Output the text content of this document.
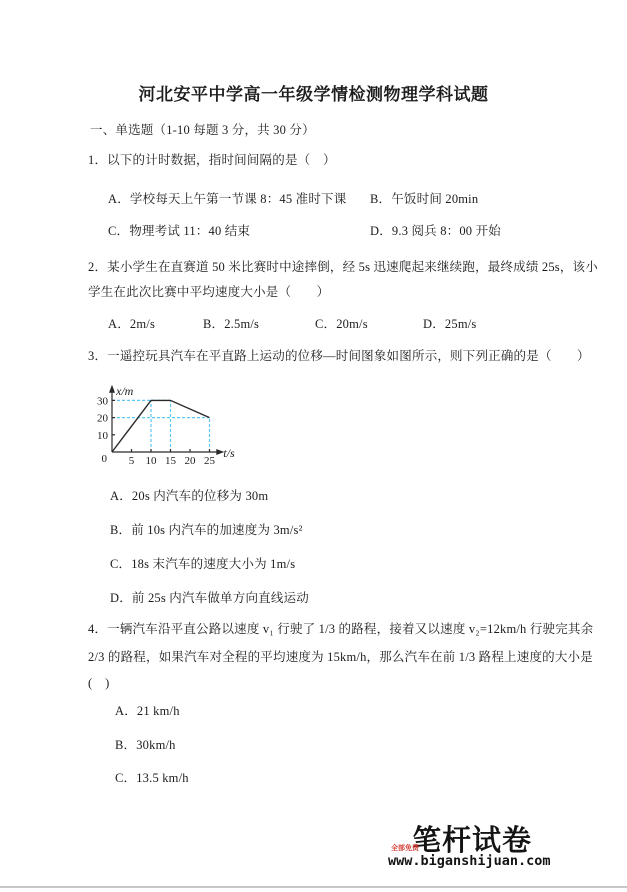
河北安平中学高一年级学情检测物理学科试题
一、单选题（1-10 每题 3 分，共 30 分）
1．以下的计时数据，指时间间隔的是（　）
A．学校每天上午第一节课 8：45 准时下课 B．午饭时间 20min
C．物理考试 11：40 结束	D．9.3 阅兵 8：00 开始
2．某小学生在直赛道 50 米比赛时中途摔倒，经 5s 迅速爬起来继续跑，最终成绩 25s，该小
学生在此次比赛中平均速度大小是（　　）
A．2m/s	B．2.5m/s	C．20m/s	D．25m/s
3．一遥控玩具汽车在平直路上运动的位移—时间图象如图所示，则下列正确的是（　　）
5 10 15 20 25
10
20
30
0
x/m
t/s
A．20s 内汽车的位移为 30m
B．前 10s 内汽车的加速度为 3m/s²
C．18s 末汽车的速度大小为 1m/s
D．前 25s 内汽车做单方向直线运动
4．一辆汽车沿平直公路以速度 v₁ 行驶了 1/3 的路程，接着又以速度 v₂=12km/h 行驶完其余
2/3 的路程，如果汽车对全程的平均速度为 15km/h，那么汽车在前 1/3 路程上速度的大小是
(　)
A．21 km/h
B．30km/h
C．13.5 km/h
笔杆试卷
全部免费
www.biganshijuan.com
